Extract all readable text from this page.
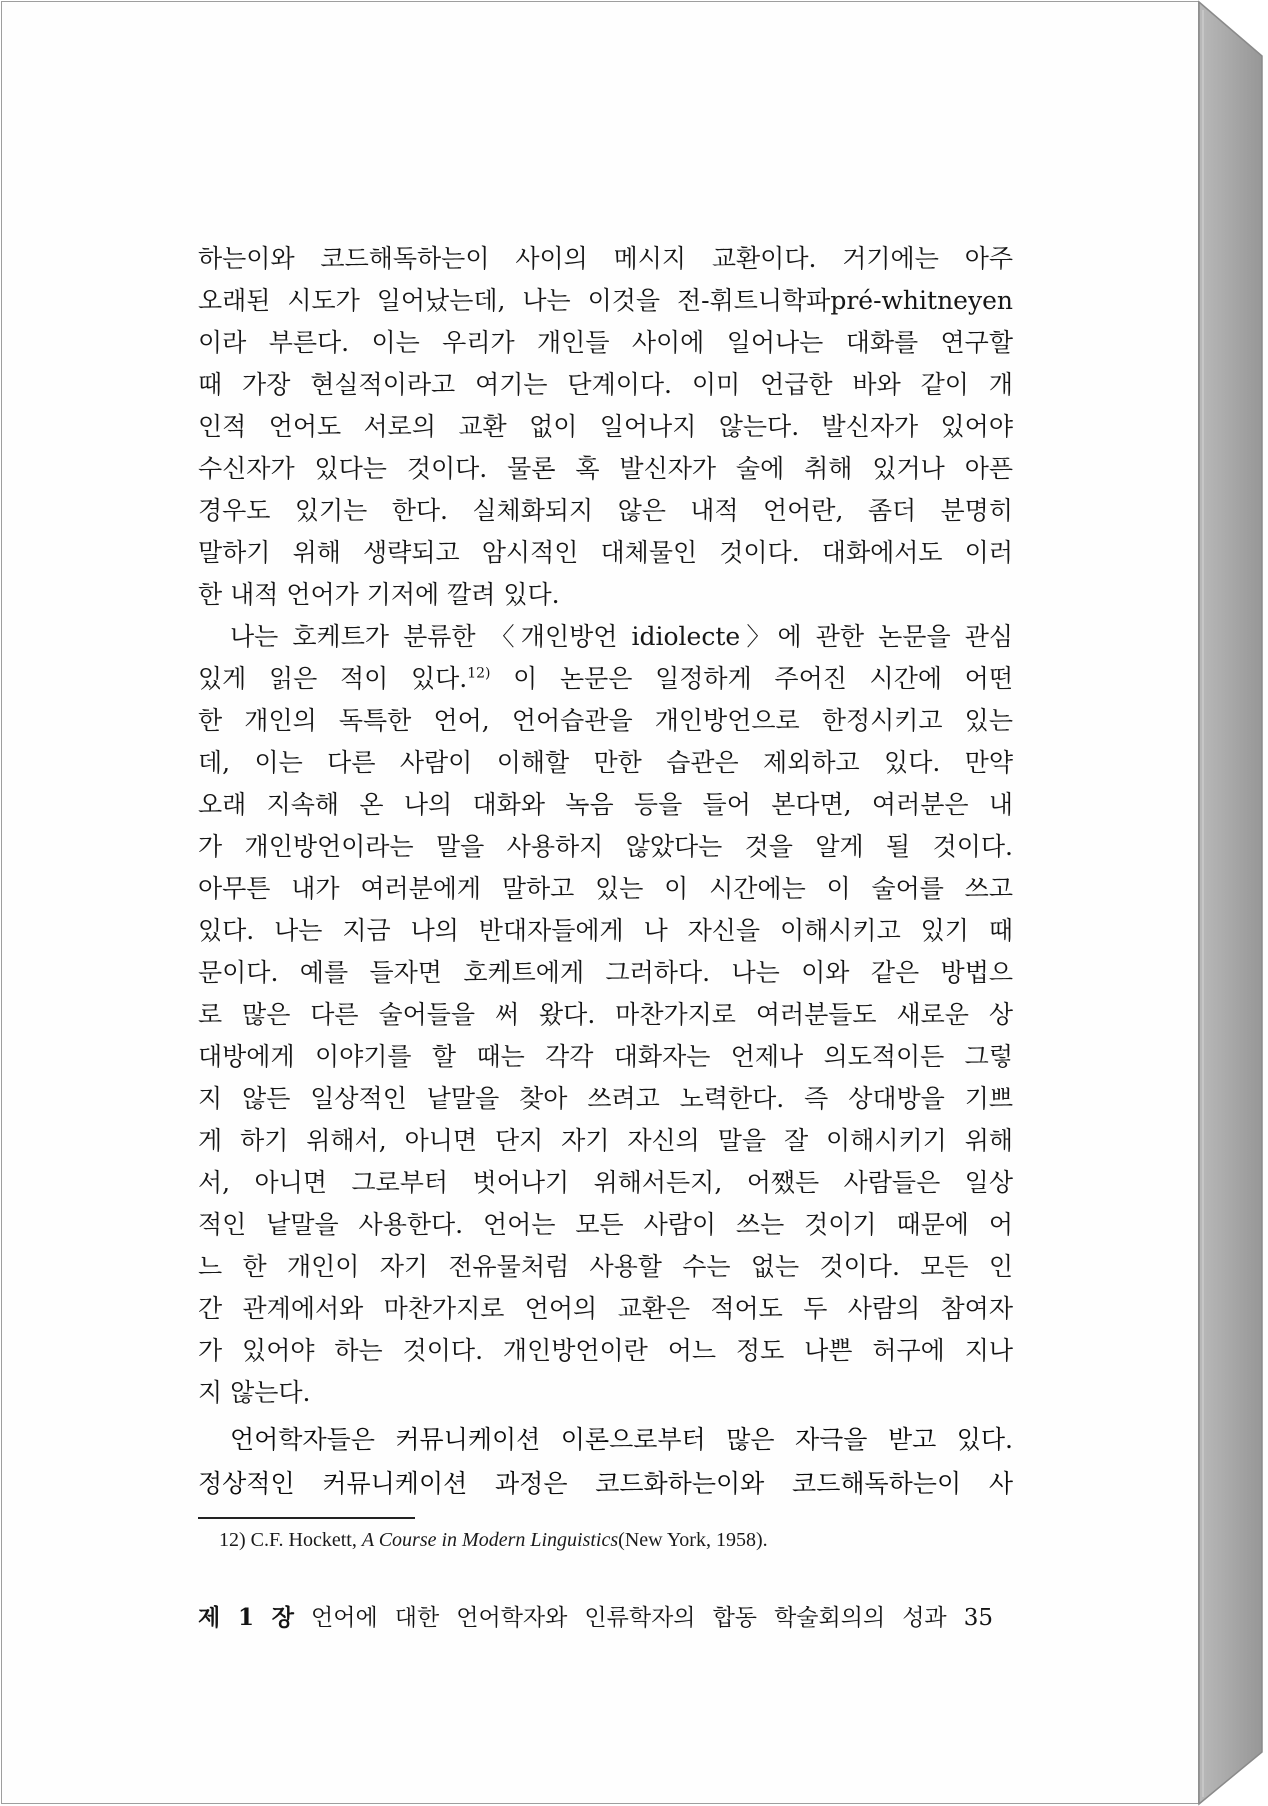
하는이와 코드해독하는이 사이의 메시지 교환이다. 거기에는 아주
오래된 시도가 일어났는데, 나는 이것을 전-휘트니학파pré-whitneyen
이라 부른다. 이는 우리가 개인들 사이에 일어나는 대화를 연구할
때 가장 현실적이라고 여기는 단계이다. 이미 언급한 바와 같이 개
인적 언어도 서로의 교환 없이 일어나지 않는다. 발신자가 있어야
수신자가 있다는 것이다. 물론 혹 발신자가 술에 취해 있거나 아픈
경우도 있기는 한다. 실체화되지 않은 내적 언어란, 좀더 분명히
말하기 위해 생략되고 암시적인 대체물인 것이다. 대화에서도 이러
한 내적 언어가 기저에 깔려 있다.
나는 호케트가 분류한 〈개인방언 idiolecte〉에 관한 논문을 관심
있게 읽은 적이 있다.$^{12)}$ 이 논문은 일정하게 주어진 시간에 어떤
한 개인의 독특한 언어, 언어습관을 개인방언으로 한정시키고 있는
데, 이는 다른 사람이 이해할 만한 습관은 제외하고 있다. 만약
오래 지속해 온 나의 대화와 녹음 등을 들어 본다면, 여러분은 내
가 개인방언이라는 말을 사용하지 않았다는 것을 알게 될 것이다.
아무튼 내가 여러분에게 말하고 있는 이 시간에는 이 술어를 쓰고
있다. 나는 지금 나의 반대자들에게 나 자신을 이해시키고 있기 때
문이다. 예를 들자면 호케트에게 그러하다. 나는 이와 같은 방법으
로 많은 다른 술어들을 써 왔다. 마찬가지로 여러분들도 새로운 상
대방에게 이야기를 할 때는 각각 대화자는 언제나 의도적이든 그렇
지 않든 일상적인 낱말을 찾아 쓰려고 노력한다. 즉 상대방을 기쁘
게 하기 위해서, 아니면 단지 자기 자신의 말을 잘 이해시키기 위해
서, 아니면 그로부터 벗어나기 위해서든지, 어쨌든 사람들은 일상
적인 낱말을 사용한다. 언어는 모든 사람이 쓰는 것이기 때문에 어
느 한 개인이 자기 전유물처럼 사용할 수는 없는 것이다. 모든 인
간 관계에서와 마찬가지로 언어의 교환은 적어도 두 사람의 참여자
가 있어야 하는 것이다. 개인방언이란 어느 정도 나쁜 허구에 지나
지 않는다.
언어학자들은 커뮤니케이션 이론으로부터 많은 자극을 받고 있다.
정상적인 커뮤니케이션 과정은 코드화하는이와 코드해독하는이 사
12) C.F. Hockett, A Course in Modern Linguistics(New York, 1958).
제 1 장 언어에 대한 언어학자와 인류학자의 합동 학술회의의 성과 35
